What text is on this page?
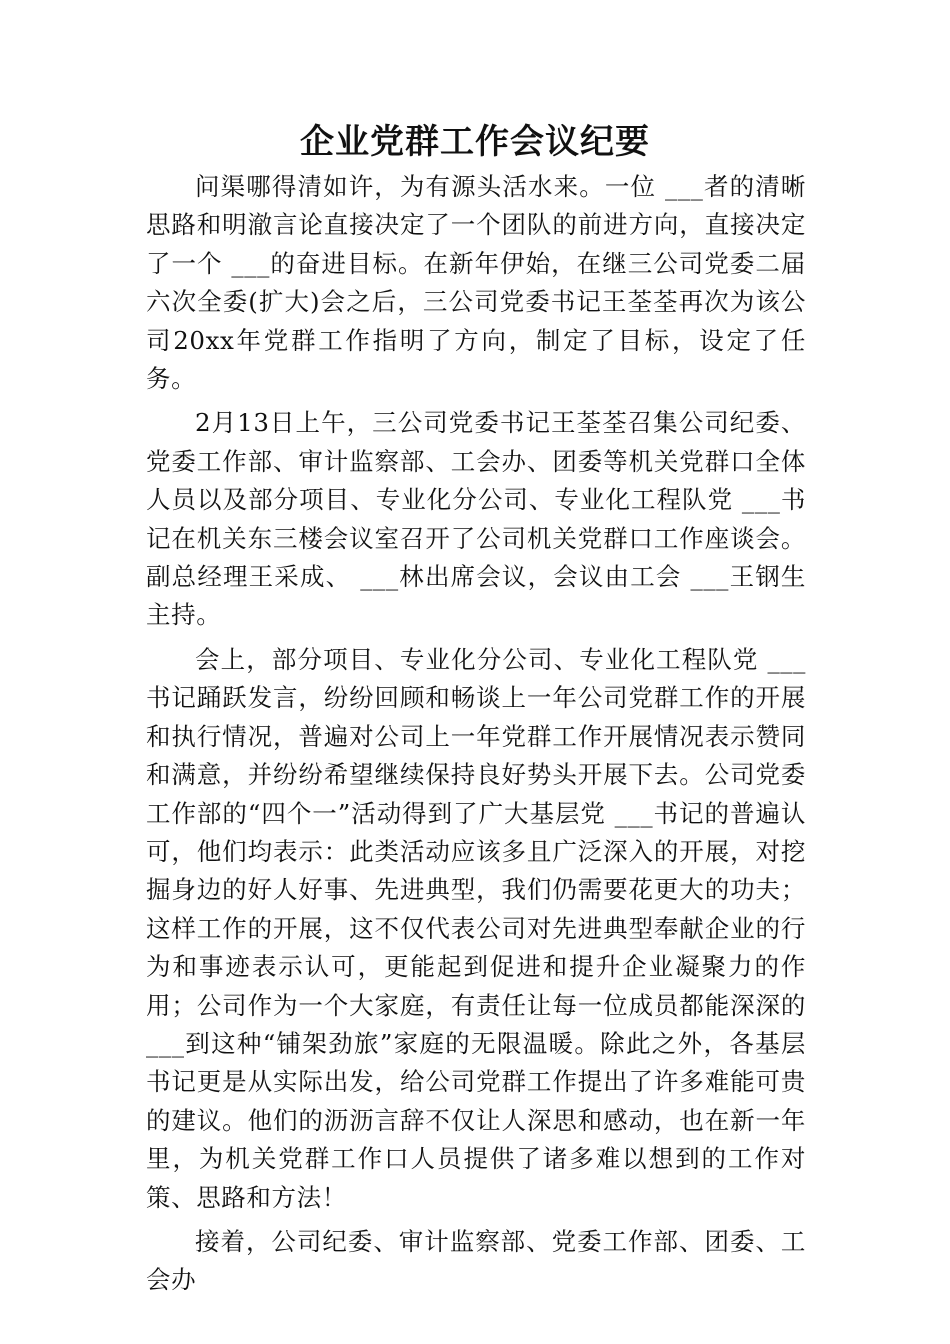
企业党群工作会议纪要

问渠哪得清如许，为有源头活水来。一位 ___者的清晰思路和明澈言论直接决定了一个团队的前进方向，直接决定了一个 ___的奋进目标。在新年伊始，在继三公司党委二届六次全委(扩大)会之后，三公司党委书记王荃荃再次为该公司20xx年党群工作指明了方向，制定了目标，设定了任务。

2月13日上午，三公司党委书记王荃荃召集公司纪委、党委工作部、审计监察部、工会办、团委等机关党群口全体人员以及部分项目、专业化分公司、专业化工程队党 ___书记在机关东三楼会议室召开了公司机关党群口工作座谈会。副总经理王采成、 ___林出席会议，会议由工会 ___王钢生主持。

会上，部分项目、专业化分公司、专业化工程队党 ___书记踊跃发言，纷纷回顾和畅谈上一年公司党群工作的开展和执行情况，普遍对公司上一年党群工作开展情况表示赞同和满意，并纷纷希望继续保持良好势头开展下去。公司党委工作部的“四个一”活动得到了广大基层党 ___书记的普遍认可，他们均表示：此类活动应该多且广泛深入的开展，对挖掘身边的好人好事、先进典型，我们仍需要花更大的功夫；这样工作的开展，这不仅代表公司对先进典型奉献企业的行为和事迹表示认可，更能起到促进和提升企业凝聚力的作用；公司作为一个大家庭，有责任让每一位成员都能深深的 ___到这种“铺架劲旅”家庭的无限温暖。除此之外，各基层书记更是从实际出发，给公司党群工作提出了许多难能可贵的建议。他们的沥沥言辞不仅让人深思和感动，也在新一年里，为机关党群工作口人员提供了诸多难以想到的工作对策、思路和方法！

接着，公司纪委、审计监察部、党委工作部、团委、工会办
